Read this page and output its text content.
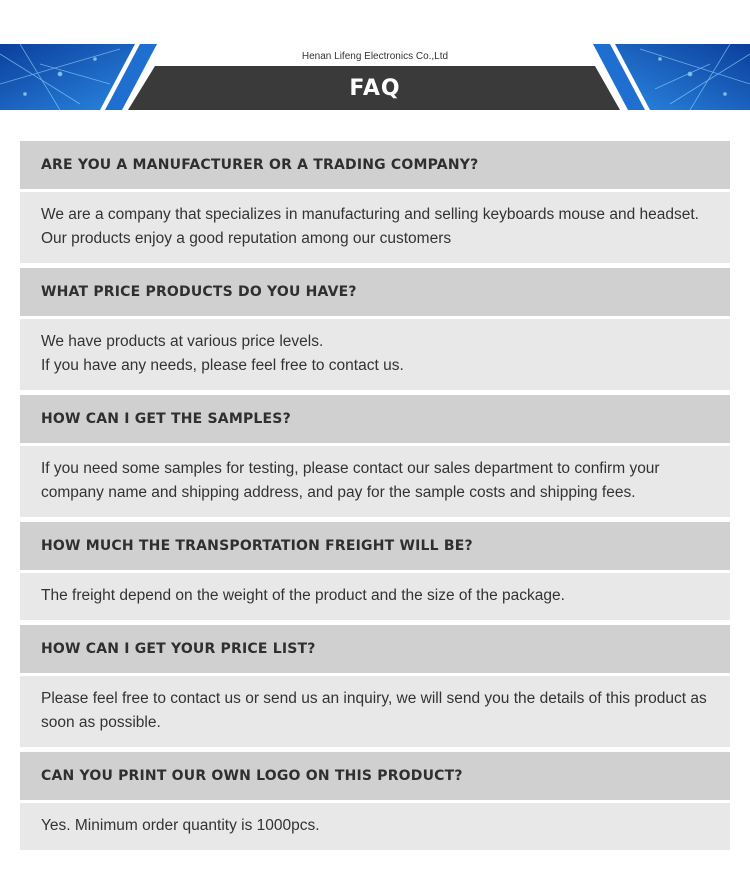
Henan Lifeng Electronics Co.,Ltd
FAQ
ARE YOU A MANUFACTURER OR A TRADING COMPANY?

We are a company that specializes in manufacturing and selling keyboards mouse and headset. Our products enjoy a good reputation among our customers

WHAT PRICE PRODUCTS DO YOU HAVE?

We have products at various price levels.

If you have any needs, please feel free to contact us.

HOW CAN I GET THE SAMPLES?

If you need some samples for testing, please contact our sales department to confirm your company name and shipping address, and pay for the sample costs and shipping fees.

HOW MUCH THE TRANSPORTATION FREIGHT WILL BE?

The freight depend on the weight of the product and the size of the package.

HOW CAN I GET YOUR PRICE LIST?

Please feel free to contact us or send us an inquiry, we will send you the details of this product as soon as possible.

CAN YOU PRINT OUR OWN LOGO ON THIS PRODUCT?

Yes. Minimum order quantity is 1000pcs.
